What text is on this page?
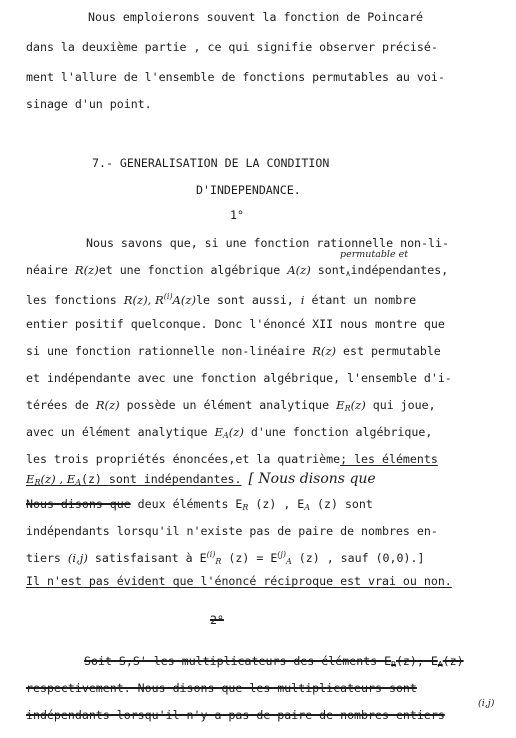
Nous emploierons souvent la fonction de Poincaré
dans la deuxième partie , ce qui signifie observer précisé-
ment l'allure de l'ensemble de fonctions permutables au voi-
sinage d'un point.
7.- GENERALISATION DE LA CONDITION
D'INDEPENDANCE.
1°
Nous savons que, si une fonction rationnelle non-li-
permutable et
néaire R(z)et une fonction algébrique A(z) sont$_\wedge$indépendantes,
les fonctions R(z), $R^{(i)}A(z)le$ sont aussi, i étant un nombre
entier positif quelconque. Donc l'énoncé XII nous montre que
si une fonction rationnelle non-linéaire R(z) est permutable
et indépendante avec une fonction algébrique, l'ensemble d'i-
térées de R(z) possède un élément analytique $E_R(z)$ qui joue,
avec un élément analytique $E_A(z)$ d'une fonction algébrique,
les trois propriétés énoncées,et la quatrième; les éléments
$E_R(z)$ , $E_A(z)$ sont indépendantes. [ Nous disons que
Nous disons que deux éléments $E_R$ (z) , $E_A$ (z) sont
indépendants lorsqu'il n'existe pas de paire de nombres en-
tiers (i,j) satisfaisant à $E^{(i)}_R$ $(z) = E^{(j)}_A$ (z) , sauf (0,0).]
Il n'est pas évident que l'énoncé réciproque est vrai ou non.
2°
Soit S,S' les multiplicateurs des éléments $E_R(z)$, $E_A(z)$
respectivement. Nous disons que les multiplicateurs sont
indépendants lorsqu'il n'y a pas de paire de nombres entiers
(i,j)
